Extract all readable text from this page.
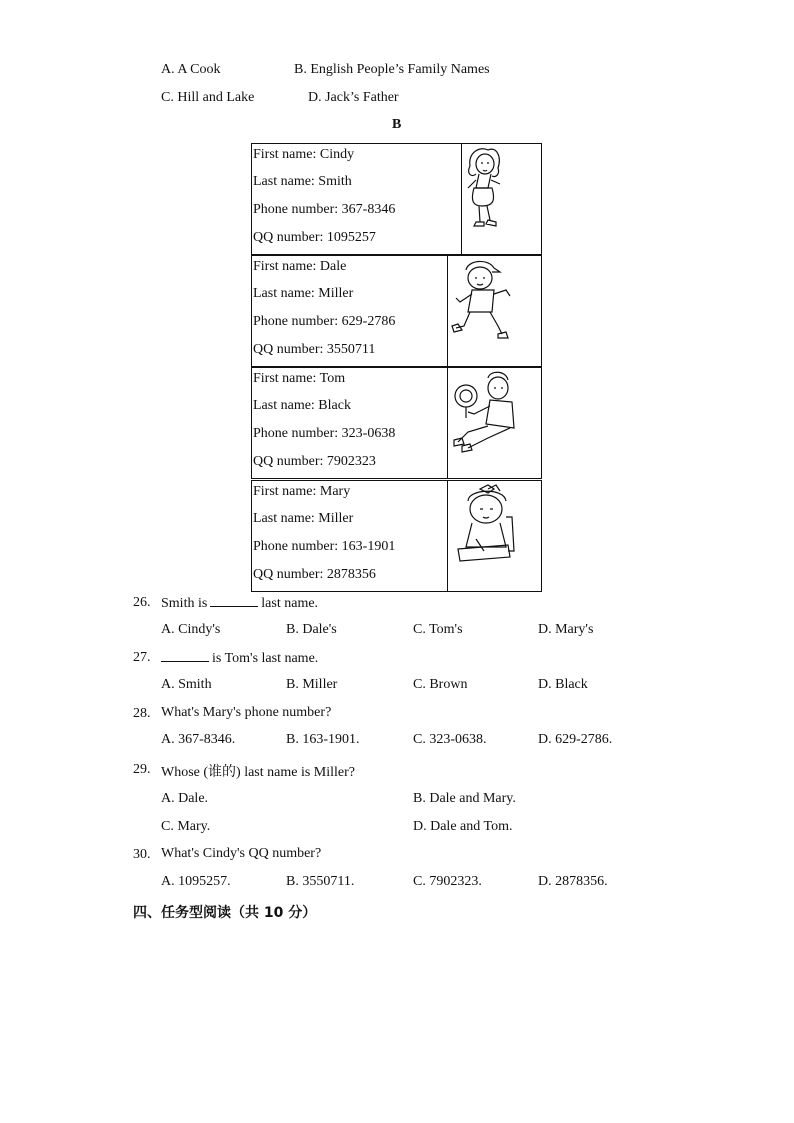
A. A Cook	B. English People’s Family Names
C. Hill and Lake	D. Jack’s Father
B
First name: Cindy
Last name: Smith
Phone number: 367-8346
QQ number: 1095257
First name: Dale
Last name: Miller
Phone number: 629-2786
QQ number: 3550711
First name: Tom
Last name: Black
Phone number: 323-0638
QQ number: 7902323
First name: Mary
Last name: Miller
Phone number: 163-1901
QQ number: 2878356
26. Smith is	last name.
A. Cindy's	B. Dale's	C. Tom's	D. Mary's
27.	is Tom's last name.
A. Smith	B. Miller	C. Brown	D. Black
28. What's Mary's phone number?
A. 367-8346.	B. 163-1901.	C. 323-0638.	D. 629-2786.
29. Whose (谁的) last name is Miller?
A. Dale.	B. Dale and Mary.
C. Mary.	D. Dale and Tom.
30. What's Cindy's QQ number?
A. 1095257.	B. 3550711.	C. 7902323.	D. 2878356.
四、任务型阅读（共 10 分）
